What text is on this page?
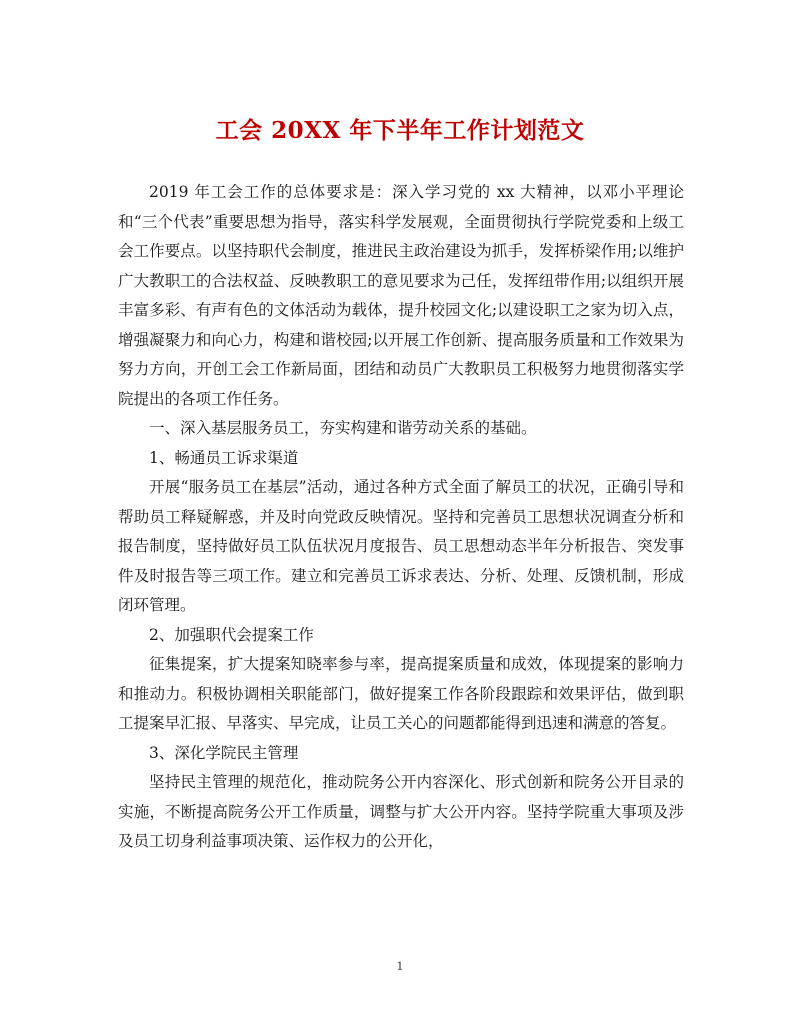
工会 20XX 年下半年工作计划范文

2019 年工会工作的总体要求是：深入学习党的 xx 大精神，以邓小平理论和“三个代表”重要思想为指导，落实科学发展观，全面贯彻执行学院党委和上级工会工作要点。以坚持职代会制度，推进民主政治建设为抓手，发挥桥梁作用;以维护广大教职工的合法权益、反映教职工的意见要求为己任，发挥纽带作用;以组织开展丰富多彩、有声有色的文体活动为载体，提升校园文化;以建设职工之家为切入点，增强凝聚力和向心力，构建和谐校园;以开展工作创新、提高服务质量和工作效果为努力方向，开创工会工作新局面，团结和动员广大教职员工积极努力地贯彻落实学院提出的各项工作任务。

一、深入基层服务员工，夯实构建和谐劳动关系的基础。

1、畅通员工诉求渠道

开展“服务员工在基层”活动，通过各种方式全面了解员工的状况，正确引导和帮助员工释疑解惑，并及时向党政反映情况。坚持和完善员工思想状况调查分析和报告制度，坚持做好员工队伍状况月度报告、员工思想动态半年分析报告、突发事件及时报告等三项工作。建立和完善员工诉求表达、分析、处理、反馈机制，形成闭环管理。

2、加强职代会提案工作

征集提案，扩大提案知晓率参与率，提高提案质量和成效，体现提案的影响力和推动力。积极协调相关职能部门，做好提案工作各阶段跟踪和效果评估，做到职工提案早汇报、早落实、早完成，让员工关心的问题都能得到迅速和满意的答复。

3、深化学院民主管理

坚持民主管理的规范化，推动院务公开内容深化、形式创新和院务公开目录的实施，不断提高院务公开工作质量，调整与扩大公开内容。坚持学院重大事项及涉及员工切身利益事项决策、运作权力的公开化，

1
